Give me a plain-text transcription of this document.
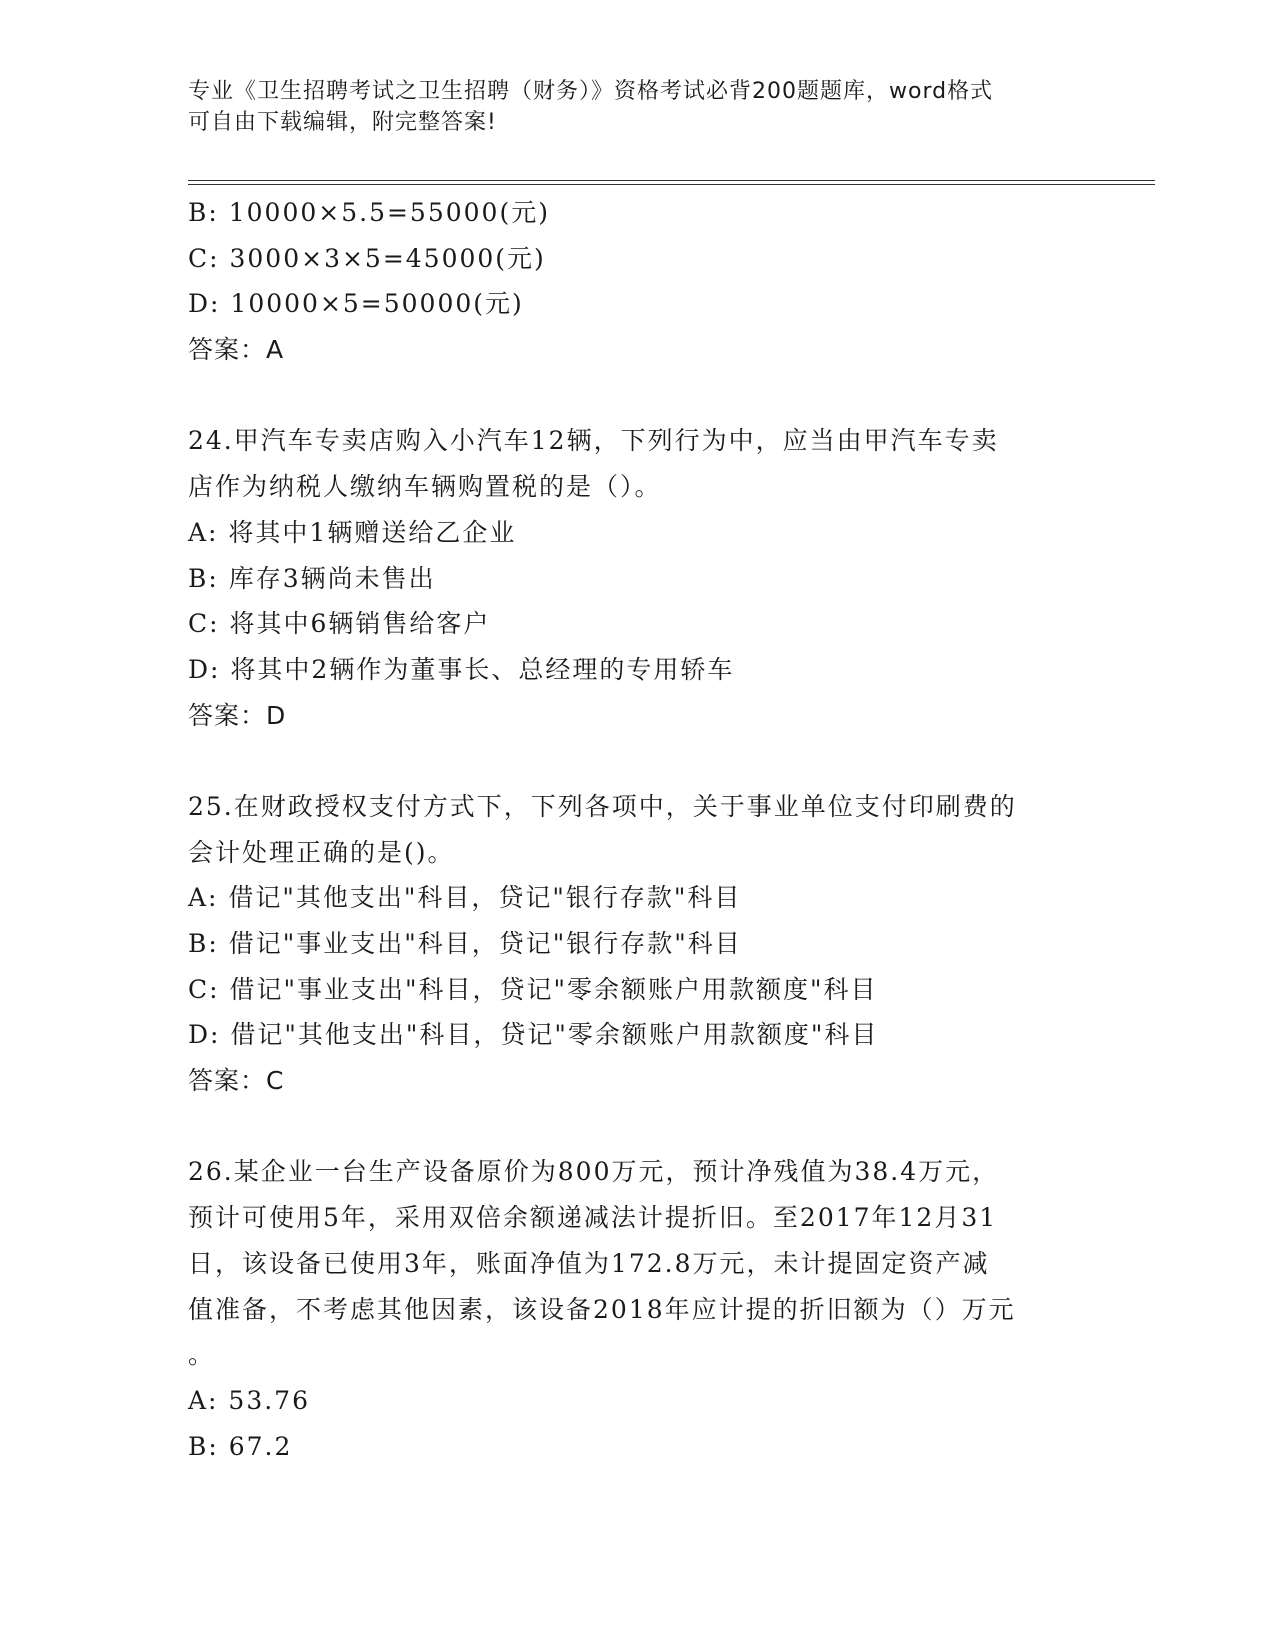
专业《卫生招聘考试之卫生招聘（财务）》资格考试必背200题题库，word格式
可自由下载编辑，附完整答案!
B: 10000×5.5=55000(元)
C: 3000×3×5=45000(元)
D: 10000×5=50000(元)
答案：A
24.甲汽车专卖店购入小汽车12辆，下列行为中，应当由甲汽车专卖
店作为纳税人缴纳车辆购置税的是（）。
A: 将其中1辆赠送给乙企业
B: 库存3辆尚未售出
C: 将其中6辆销售给客户
D: 将其中2辆作为董事长、总经理的专用轿车
答案：D
25.在财政授权支付方式下，下列各项中，关于事业单位支付印刷费的
会计处理正确的是()。
A: 借记"其他支出"科目，贷记"银行存款"科目
B: 借记"事业支出"科目，贷记"银行存款"科目
C: 借记"事业支出"科目，贷记"零余额账户用款额度"科目
D: 借记"其他支出"科目，贷记"零余额账户用款额度"科目
答案：C
26.某企业一台生产设备原价为800万元，预计净残值为38.4万元，
预计可使用5年，采用双倍余额递减法计提折旧。至2017年12月31
日，该设备已使用3年，账面净值为172.8万元，未计提固定资产减
值准备，不考虑其他因素，该设备2018年应计提的折旧额为（）万元
。
A: 53.76
B: 67.2
